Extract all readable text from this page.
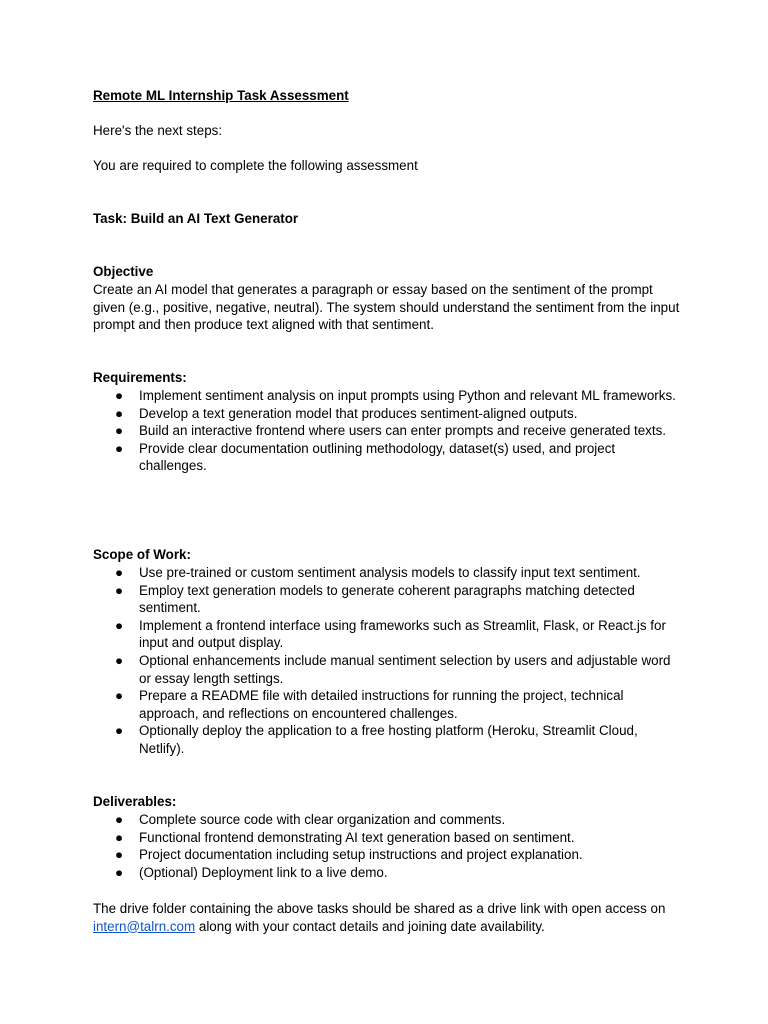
Remote ML Internship Task Assessment

Here's the next steps:

You are required to complete the following assessment

Task: Build an AI Text Generator

Objective

Create an AI model that generates a paragraph or essay based on the sentiment of the prompt given (e.g., positive, negative, neutral). The system should understand the sentiment from the input prompt and then produce text aligned with that sentiment.

Requirements:

● Implement sentiment analysis on input prompts using Python and relevant ML frameworks.
● Develop a text generation model that produces sentiment-aligned outputs.
● Build an interactive frontend where users can enter prompts and receive generated texts.
● Provide clear documentation outlining methodology, dataset(s) used, and project challenges.

Scope of Work:

● Use pre-trained or custom sentiment analysis models to classify input text sentiment.
● Employ text generation models to generate coherent paragraphs matching detected sentiment.
● Implement a frontend interface using frameworks such as Streamlit, Flask, or React.js for input and output display.
● Optional enhancements include manual sentiment selection by users and adjustable word or essay length settings.
● Prepare a README file with detailed instructions for running the project, technical approach, and reflections on encountered challenges.
● Optionally deploy the application to a free hosting platform (Heroku, Streamlit Cloud, Netlify).

Deliverables:

● Complete source code with clear organization and comments.
● Functional frontend demonstrating AI text generation based on sentiment.
● Project documentation including setup instructions and project explanation.
● (Optional) Deployment link to a live demo.

The drive folder containing the above tasks should be shared as a drive link with open access on intern@talrn.com along with your contact details and joining date availability.
